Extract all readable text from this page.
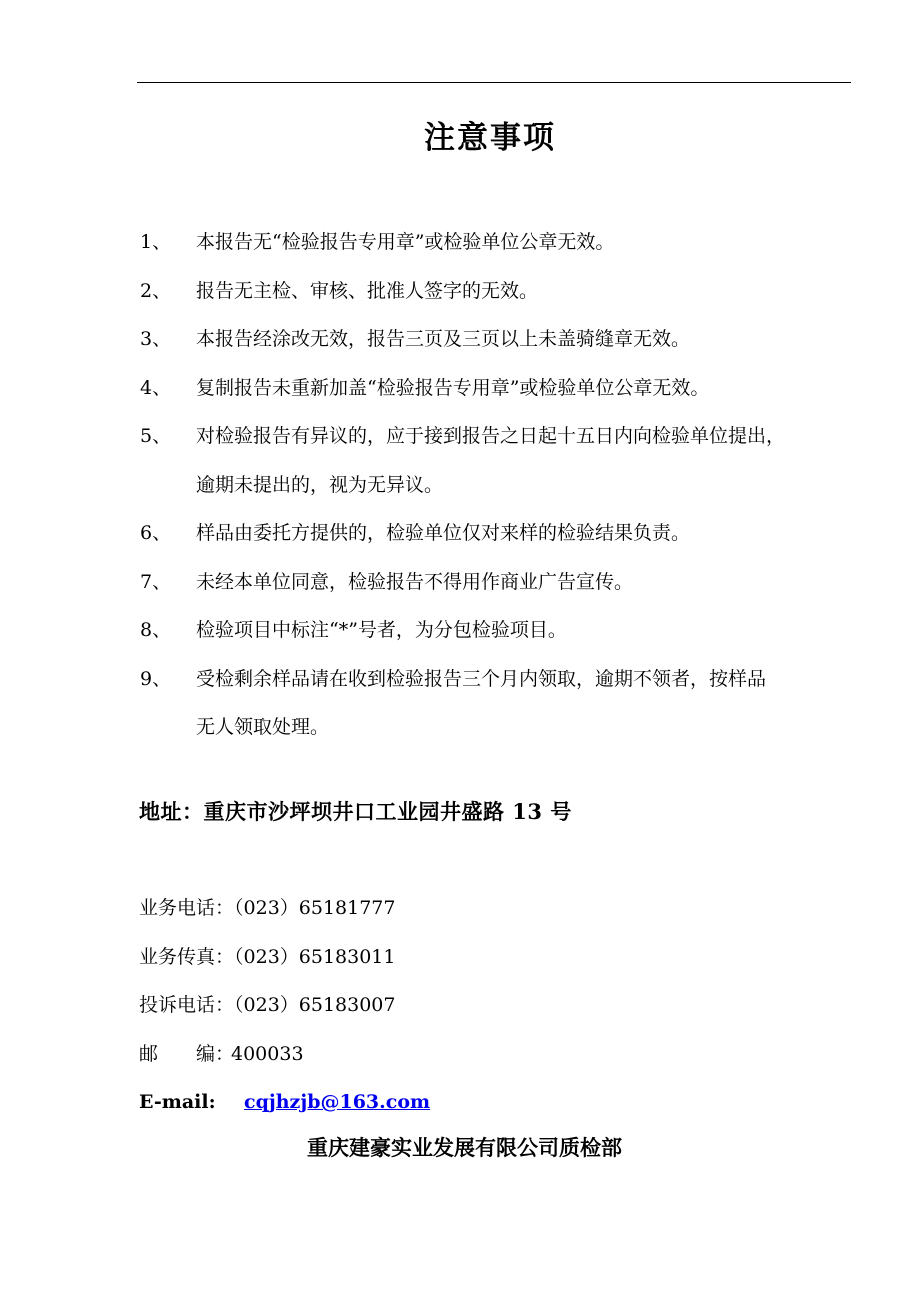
注意事项
1、	本报告无“检验报告专用章”或检验单位公章无效。
2、	报告无主检、审核、批准人签字的无效。
3、	本报告经涂改无效，报告三页及三页以上未盖骑缝章无效。
4、	复制报告未重新加盖“检验报告专用章”或检验单位公章无效。
5、	对检验报告有异议的，应于接到报告之日起十五日内向检验单位提出，
逾期未提出的，视为无异议。
6、	样品由委托方提供的，检验单位仅对来样的检验结果负责。
7、	未经本单位同意，检验报告不得用作商业广告宣传。
8、	检验项目中标注“*”号者，为分包检验项目。
9、	受检剩余样品请在收到检验报告三个月内领取，逾期不领者，按样品
无人领取处理。
地址：重庆市沙坪坝井口工业园井盛路 13 号
业务电话：（023）65181777
业务传真：（023）65183011
投诉电话：（023）65183007
邮　　编：400033
E-mail: cqjhzjb@163.com
重庆建豪实业发展有限公司质检部
